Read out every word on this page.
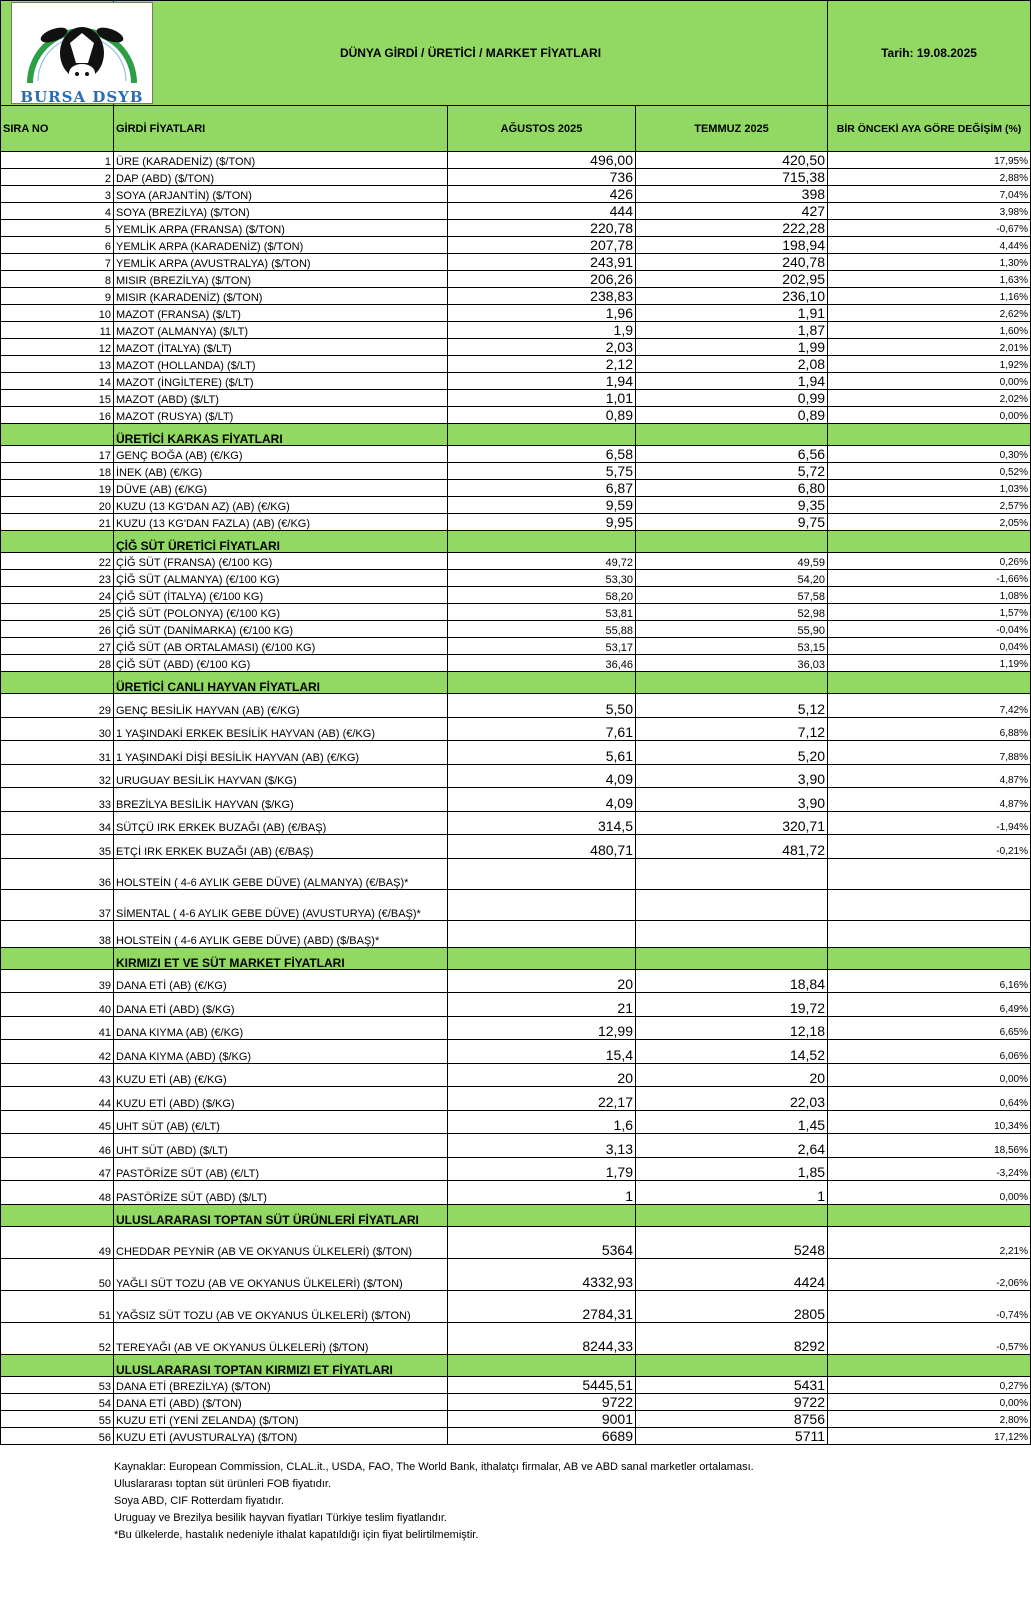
BURSA DSYB	DÜNYA GİRDİ / ÜRETİCİ / MARKET FİYATLARI			Tarih: 19.08.2025
SIRA NO	GİRDİ FİYATLARI	AĞUSTOS 2025	TEMMUZ 2025	BİR ÖNCEKİ AYA GÖRE DEĞİŞİM (%)
1	ÜRE (KARADENİZ) ($/TON)	496,00	420,50	17,95%
2	DAP (ABD) ($/TON)	736	715,38	2,88%
3	SOYA (ARJANTİN) ($/TON)	426	398	7,04%
4	SOYA (BREZİLYA) ($/TON)	444	427	3,98%
5	YEMLİK ARPA (FRANSA) ($/TON)	220,78	222,28	-0,67%
6	YEMLİK ARPA (KARADENİZ) ($/TON)	207,78	198,94	4,44%
7	YEMLİK ARPA (AVUSTRALYA) ($/TON)	243,91	240,78	1,30%
8	MISIR (BREZİLYA) ($/TON)	206,26	202,95	1,63%
9	MISIR (KARADENİZ) ($/TON)	238,83	236,10	1,16%
10	MAZOT (FRANSA) ($/LT)	1,96	1,91	2,62%
11	MAZOT (ALMANYA) ($/LT)	1,9	1,87	1,60%
12	MAZOT (İTALYA) ($/LT)	2,03	1,99	2,01%
13	MAZOT (HOLLANDA) ($/LT)	2,12	2,08	1,92%
14	MAZOT (İNGİLTERE) ($/LT)	1,94	1,94	0,00%
15	MAZOT (ABD) ($/LT)	1,01	0,99	2,02%
16	MAZOT (RUSYA) ($/LT)	0,89	0,89	0,00%
	ÜRETİCİ KARKAS FİYATLARI			
17	GENÇ BOĞA (AB) (€/KG)	6,58	6,56	0,30%
18	İNEK (AB) (€/KG)	5,75	5,72	0,52%
19	DÜVE (AB) (€/KG)	6,87	6,80	1,03%
20	KUZU (13 KG'DAN AZ) (AB) (€/KG)	9,59	9,35	2,57%
21	KUZU (13 KG'DAN FAZLA) (AB) (€/KG)	9,95	9,75	2,05%
	ÇİĞ SÜT ÜRETİCİ FİYATLARI			
22	ÇİĞ SÜT (FRANSA) (€/100 KG)	49,72	49,59	0,26%
23	ÇİĞ SÜT (ALMANYA) (€/100 KG)	53,30	54,20	-1,66%
24	ÇİĞ SÜT (İTALYA) (€/100 KG)	58,20	57,58	1,08%
25	ÇİĞ SÜT (POLONYA) (€/100 KG)	53,81	52,98	1,57%
26	ÇİĞ SÜT (DANİMARKA) (€/100 KG)	55,88	55,90	-0,04%
27	ÇİĞ SÜT (AB ORTALAMASI) (€/100 KG)	53,17	53,15	0,04%
28	ÇİĞ SÜT (ABD) (€/100 KG)	36,46	36,03	1,19%
	ÜRETİCİ CANLI HAYVAN FİYATLARI			
29	GENÇ BESİLİK HAYVAN (AB) (€/KG)	5,50	5,12	7,42%
30	1 YAŞINDAKİ ERKEK BESİLİK HAYVAN (AB) (€/KG)	7,61	7,12	6,88%
31	1 YAŞINDAKİ DİŞİ BESİLİK HAYVAN (AB) (€/KG)	5,61	5,20	7,88%
32	URUGUAY BESİLİK HAYVAN ($/KG)	4,09	3,90	4,87%
33	BREZİLYA BESİLİK HAYVAN ($/KG)	4,09	3,90	4,87%
34	SÜTÇÜ IRK ERKEK BUZAĞI (AB) (€/BAŞ)	314,5	320,71	-1,94%
35	ETÇİ IRK ERKEK BUZAĞI (AB) (€/BAŞ)	480,71	481,72	-0,21%
36	HOLSTEİN ( 4-6 AYLIK GEBE DÜVE) (ALMANYA) (€/BAŞ)*			
37	SİMENTAL ( 4-6 AYLIK GEBE DÜVE) (AVUSTURYA) (€/BAŞ)*			
38	HOLSTEİN ( 4-6 AYLIK GEBE DÜVE) (ABD) ($/BAŞ)*			
	KIRMIZI ET VE SÜT MARKET FİYATLARI			
39	DANA ETİ (AB) (€/KG)	20	18,84	6,16%
40	DANA ETİ (ABD) ($/KG)	21	19,72	6,49%
41	DANA KIYMA (AB) (€/KG)	12,99	12,18	6,65%
42	DANA KIYMA (ABD) ($/KG)	15,4	14,52	6,06%
43	KUZU ETİ (AB) (€/KG)	20	20	0,00%
44	KUZU ETİ (ABD) ($/KG)	22,17	22,03	0,64%
45	UHT SÜT (AB) (€/LT)	1,6	1,45	10,34%
46	UHT SÜT (ABD) ($/LT)	3,13	2,64	18,56%
47	PASTÖRİZE SÜT (AB) (€/LT)	1,79	1,85	-3,24%
48	PASTÖRİZE SÜT (ABD) ($/LT)	1	1	0,00%
	ULUSLARARASI TOPTAN SÜT ÜRÜNLERİ FİYATLARI			
49	CHEDDAR PEYNİR (AB VE OKYANUS ÜLKELERİ) ($/TON)	5364	5248	2,21%
50	YAĞLI SÜT TOZU (AB VE OKYANUS ÜLKELERİ) ($/TON)	4332,93	4424	-2,06%
51	YAĞSIZ SÜT TOZU (AB VE OKYANUS ÜLKELERİ) ($/TON)	2784,31	2805	-0,74%
52	TEREYAĞI (AB VE OKYANUS ÜLKELERİ) ($/TON)	8244,33	8292	-0,57%
	ULUSLARARASI TOPTAN KIRMIZI ET FİYATLARI			
53	DANA ETİ (BREZİLYA) ($/TON)	5445,51	5431	0,27%
54	DANA ETİ (ABD) ($/TON)	9722	9722	0,00%
55	KUZU ETİ (YENİ ZELANDA) ($/TON)	9001	8756	2,80%
56	KUZU ETİ (AVUSTURALYA) ($/TON)	6689	5711	17,12%
Kaynaklar: European Commission, CLAL.it., USDA, FAO, The World Bank, ithalatçı firmalar, AB ve ABD sanal marketler ortalaması.
Uluslararası toptan süt ürünleri FOB fiyatıdır.
Soya ABD, CIF Rotterdam fiyatıdır.
Uruguay ve Brezilya besilik hayvan fiyatları Türkiye teslim fiyatlandır.
*Bu ülkelerde, hastalık nedeniyle ithalat kapatıldığı için fiyat belirtilmemiştir.
